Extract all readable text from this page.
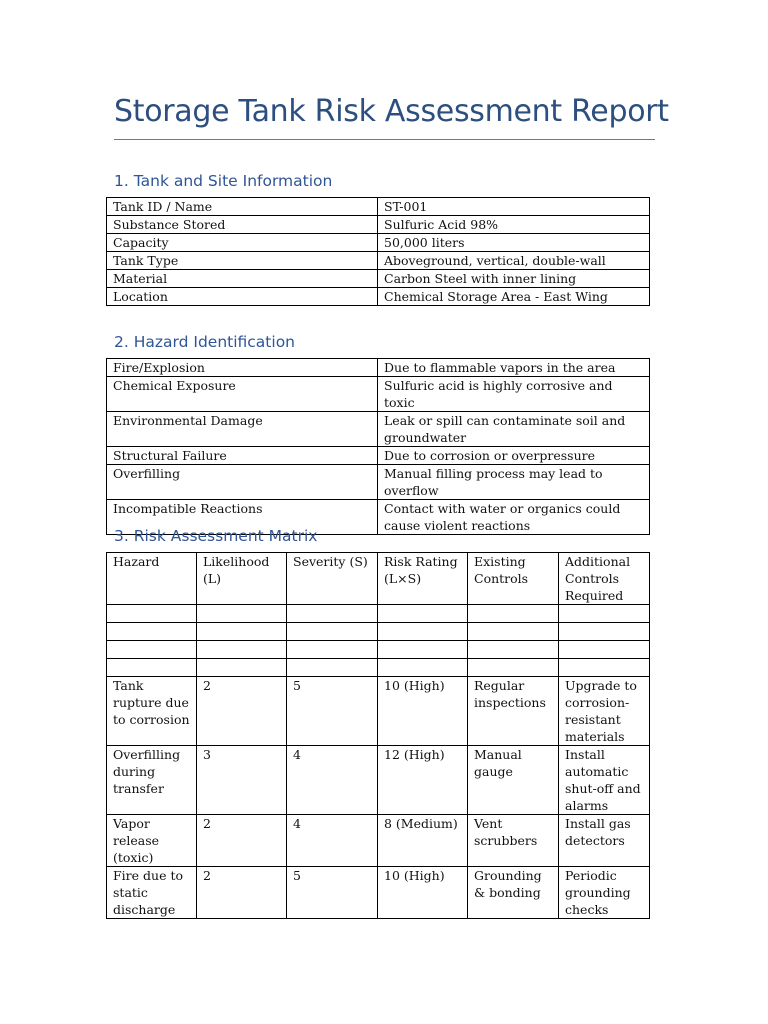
Storage Tank Risk Assessment Report
1. Tank and Site Information
Tank ID / Name	ST-001
Substance Stored	Sulfuric Acid 98%
Capacity	50,000 liters
Tank Type	Aboveground, vertical, double-wall
Material	Carbon Steel with inner lining
Location	Chemical Storage Area - East Wing
2. Hazard Identification
Fire/Explosion	Due to flammable vapors in the area
Chemical Exposure	Sulfuric acid is highly corrosive and toxic
Environmental Damage	Leak or spill can contaminate soil and groundwater
Structural Failure	Due to corrosion or overpressure
Overfilling	Manual filling process may lead to overflow
Incompatible Reactions	Contact with water or organics could cause violent reactions
3. Risk Assessment Matrix
Hazard	Likelihood (L)	Severity (S)	Risk Rating (L×S)	Existing Controls	Additional Controls Required

Tank rupture due to corrosion	2	5	10 (High)	Regular inspections	Upgrade to corrosion-resistant materials
Overfilling during transfer	3	4	12 (High)	Manual gauge	Install automatic shut-off and alarms
Vapor release (toxic)	2	4	8 (Medium)	Vent scrubbers	Install gas detectors
Fire due to static discharge	2	5	10 (High)	Grounding & bonding	Periodic grounding checks
